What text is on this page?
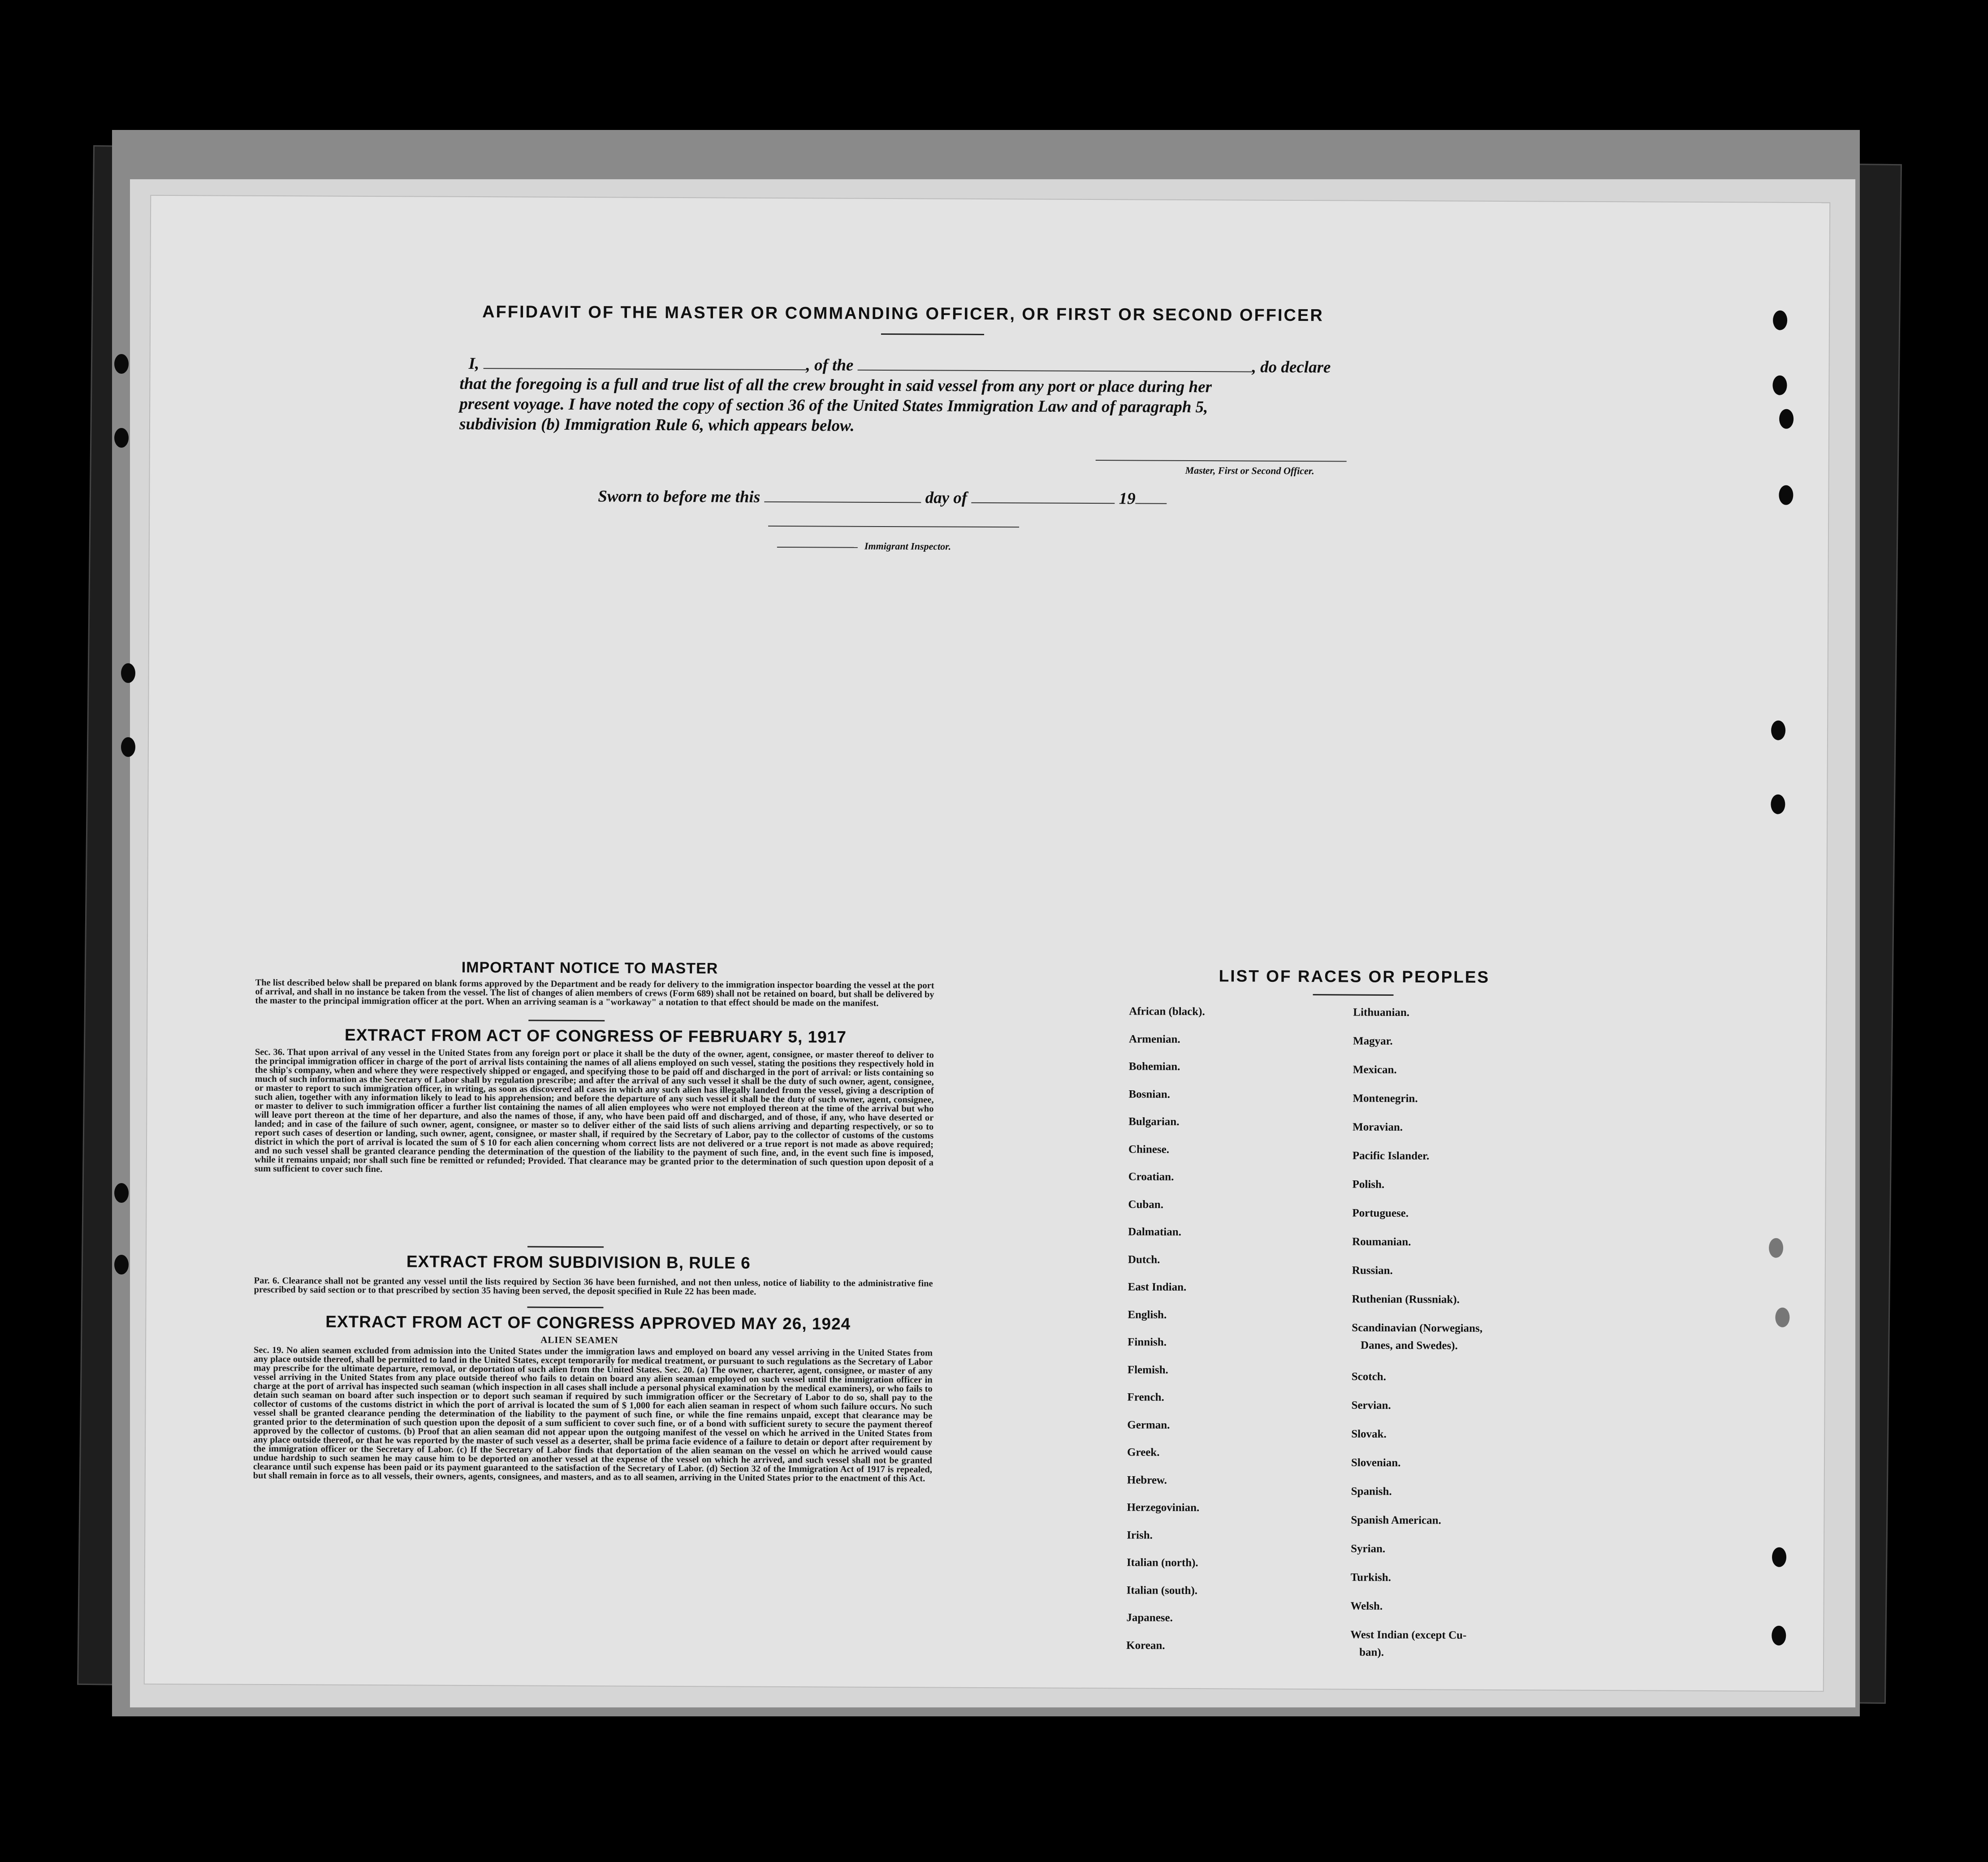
AFFIDAVIT OF THE MASTER OR COMMANDING OFFICER, OR FIRST OR SECOND OFFICER
I,	, of the	, do declare
that the foregoing is a full and true list of all the crew brought in said vessel from any port or place during her
present voyage. I have noted the copy of section 36 of the United States Immigration Law and of paragraph 5,
subdivision (b) Immigration Rule 6, which appears below.
Master, First or Second Officer.
Sworn to before me this	day of	19
Immigrant Inspector.
IMPORTANT NOTICE TO MASTER
The list described below shall be prepared on blank forms approved by the Department and be ready for delivery to the immigration inspector boarding the vessel at the port of arrival, and shall in no instance be taken from the vessel. The list of changes of alien members of crews (Form 689) shall not be retained on board, but shall be delivered by the master to the principal immigration officer at the port. When an arriving seaman is a "workaway" a notation to that effect should be made on the manifest.
EXTRACT FROM ACT OF CONGRESS OF FEBRUARY 5, 1917
Sec. 36. That upon arrival of any vessel in the United States from any foreign port or place it shall be the duty of the owner, agent, consignee, or master thereof to deliver to the principal immigration officer in charge of the port of arrival lists containing the names of all aliens employed on such vessel, stating the positions they respectively hold in the ship's company, when and where they were respectively shipped or engaged, and specifying those to be paid off and discharged in the port of arrival: or lists containing so much of such information as the Secretary of Labor shall by regulation prescribe; and after the arrival of any such vessel it shall be the duty of such owner, agent, consignee, or master to report to such immigration officer, in writing, as soon as discovered all cases in which any such alien has illegally landed from the vessel, giving a description of such alien, together with any information likely to lead to his apprehension; and before the departure of any such vessel it shall be the duty of such owner, agent, consignee, or master to deliver to such immigration officer a further list containing the names of all alien employees who were not employed thereon at the time of the arrival but who will leave port thereon at the time of her departure, and also the names of those, if any, who have been paid off and discharged, and of those, if any, who have deserted or landed; and in case of the failure of such owner, agent, consignee, or master so to deliver either of the said lists of such aliens arriving and departing respectively, or so to report such cases of desertion or landing, such owner, agent, consignee, or master shall, if required by the Secretary of Labor, pay to the collector of customs of the customs district in which the port of arrival is located the sum of $ 10 for each alien concerning whom correct lists are not delivered or a true report is not made as above required; and no such vessel shall be granted clearance pending the determination of the question of the liability to the payment of such fine, and, in the event such fine is imposed, while it remains unpaid; nor shall such fine be remitted or refunded; Provided. That clearance may be granted prior to the determination of such question upon deposit of a sum sufficient to cover such fine.
EXTRACT FROM SUBDIVISION B, RULE 6
Par. 6. Clearance shall not be granted any vessel until the lists required by Section 36 have been furnished, and not then unless, notice of liability to the administrative fine prescribed by said section or to that prescribed by section 35 having been served, the deposit specified in Rule 22 has been made.
EXTRACT FROM ACT OF CONGRESS APPROVED MAY 26, 1924
ALIEN SEAMEN
Sec. 19. No alien seamen excluded from admission into the United States under the immigration laws and employed on board any vessel arriving in the United States from any place outside thereof, shall be permitted to land in the United States, except temporarily for medical treatment, or pursuant to such regulations as the Secretary of Labor may prescribe for the ultimate departure, removal, or deportation of such alien from the United States. Sec. 20. (a) The owner, charterer, agent, consignee, or master of any vessel arriving in the United States from any place outside thereof who fails to detain on board any alien seaman employed on such vessel until the immigration officer in charge at the port of arrival has inspected such seaman (which inspection in all cases shall include a personal physical examination by the medical examiners), or who fails to detain such seaman on board after such inspection or to deport such seaman if required by such immigration officer or the Secretary of Labor to do so, shall pay to the collector of customs of the customs district in which the port of arrival is located the sum of $ 1,000 for each alien seaman in respect of whom such failure occurs. No such vessel shall be granted clearance pending the determination of the liability to the payment of such fine, or while the fine remains unpaid, except that clearance may be granted prior to the determination of such question upon the deposit of a sum sufficient to cover such fine, or of a bond with sufficient surety to secure the payment thereof approved by the collector of customs. (b) Proof that an alien seaman did not appear upon the outgoing manifest of the vessel on which he arrived in the United States from any place outside thereof, or that he was reported by the master of such vessel as a deserter, shall be prima facie evidence of a failure to detain or deport after requirement by the immigration officer or the Secretary of Labor. (c) If the Secretary of Labor finds that deportation of the alien seaman on the vessel on which he arrived would cause undue hardship to such seamen he may cause him to be deported on another vessel at the expense of the vessel on which he arrived, and such vessel shall not be granted clearance until such expense has been paid or its payment guaranteed to the satisfaction of the Secretary of Labor. (d) Section 32 of the Immigration Act of 1917 is repealed, but shall remain in force as to all vessels, their owners, agents, consignees, and masters, and as to all seamen, arriving in the United States prior to the enactment of this Act.
LIST OF RACES OR PEOPLES
African (black).
Armenian.
Bohemian.
Bosnian.
Bulgarian.
Chinese.
Croatian.
Cuban.
Dalmatian.
Dutch.
East Indian.
English.
Finnish.
Flemish.
French.
German.
Greek.
Hebrew.
Herzegovinian.
Irish.
Italian (north).
Italian (south).
Japanese.
Korean.
Lithuanian.
Magyar.
Mexican.
Montenegrin.
Moravian.
Pacific Islander.
Polish.
Portuguese.
Roumanian.
Russian.
Ruthenian (Russniak).
Scandinavian (Norwegians,
Danes, and Swedes).
Scotch.
Servian.
Slovak.
Slovenian.
Spanish.
Spanish American.
Syrian.
Turkish.
Welsh.
West Indian (except Cu-
ban).
